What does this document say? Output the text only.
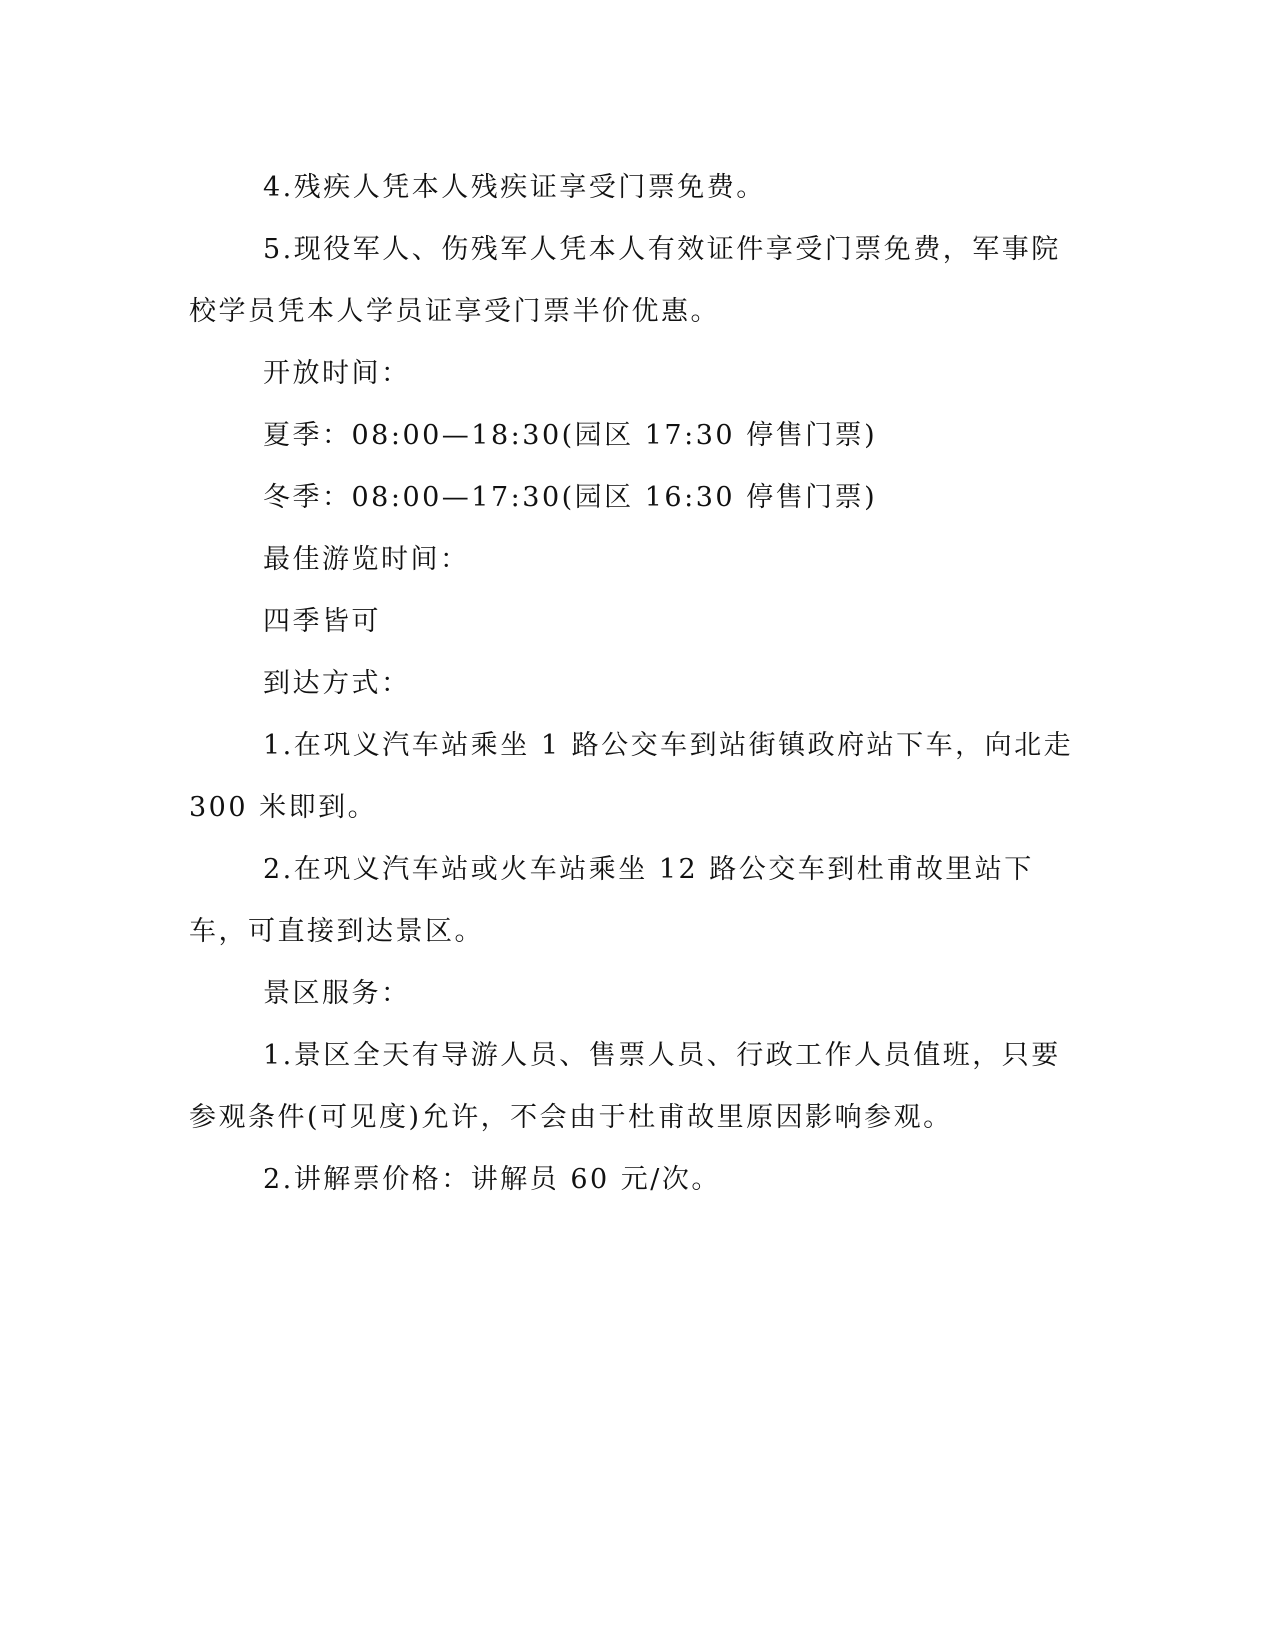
4.残疾人凭本人残疾证享受门票免费。

5.现役军人、伤残军人凭本人有效证件享受门票免费，军事院校学员凭本人学员证享受门票半价优惠。

开放时间：

夏季：08:00—18:30(园区 17:30 停售门票)

冬季：08:00—17:30(园区 16:30 停售门票)

最佳游览时间：

四季皆可

到达方式：

1.在巩义汽车站乘坐 1 路公交车到站街镇政府站下车，向北走 300 米即到。

2.在巩义汽车站或火车站乘坐 12 路公交车到杜甫故里站下车，可直接到达景区。

景区服务：

1.景区全天有导游人员、售票人员、行政工作人员值班，只要参观条件(可见度)允许，不会由于杜甫故里原因影响参观。

2.讲解票价格：讲解员 60 元/次。
